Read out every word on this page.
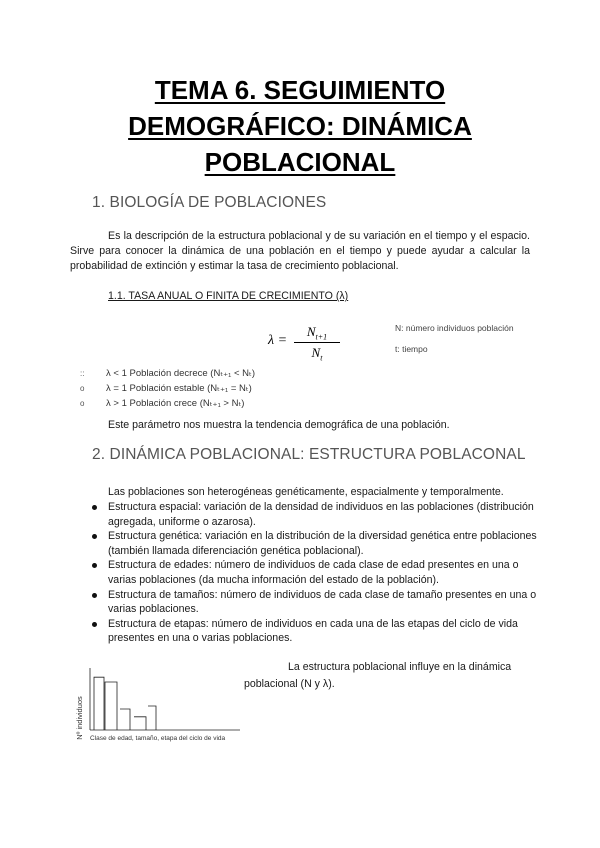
TEMA 6. SEGUIMIENTO
DEMOGRÁFICO: DINÁMICA
POBLACIONAL
1. BIOLOGÍA DE POBLACIONES
Es la descripción de la estructura poblacional y de su variación en el tiempo y el espacio. Sirve para conocer la dinámica de una población en el tiempo y puede ayudar a calcular la probabilidad de extinción y estimar la tasa de crecimiento poblacional.
1.1. TASA ANUAL O FINITA DE CRECIMIENTO (λ)
λ =
$N_{t+1}$
$N_t$
N: número individuos población
t: tiempo
:: λ < 1 Población decrece (Nₜ₊₁ < Nₜ)
o λ = 1 Población estable (Nₜ₊₁ = Nₜ)
o λ > 1 Población crece (Nₜ₊₁ > Nₜ)
Este parámetro nos muestra la tendencia demográfica de una población.
2. DINÁMICA POBLACIONAL: ESTRUCTURA POBLACONAL
Las poblaciones son heterogéneas genéticamente, espacialmente y temporalmente.
Estructura espacial: variación de la densidad de individuos en las poblaciones (distribución agregada, uniforme o azarosa).
Estructura genética: variación en la distribución de la diversidad genética entre poblaciones (también llamada diferenciación genética poblacional).
Estructura de edades: número de individuos de cada clase de edad presentes en una o varias poblaciones (da mucha información del estado de la población).
Estructura de tamaños: número de individuos de cada clase de tamaño presentes en una o varias poblaciones.
Estructura de etapas: número de individuos en cada una de las etapas del ciclo de vida presentes en una o varias poblaciones.
Nº individuos Clase de edad, tamaño, etapa del ciclo de vida
La estructura poblacional influye en la dinámica poblacional (N y λ).
